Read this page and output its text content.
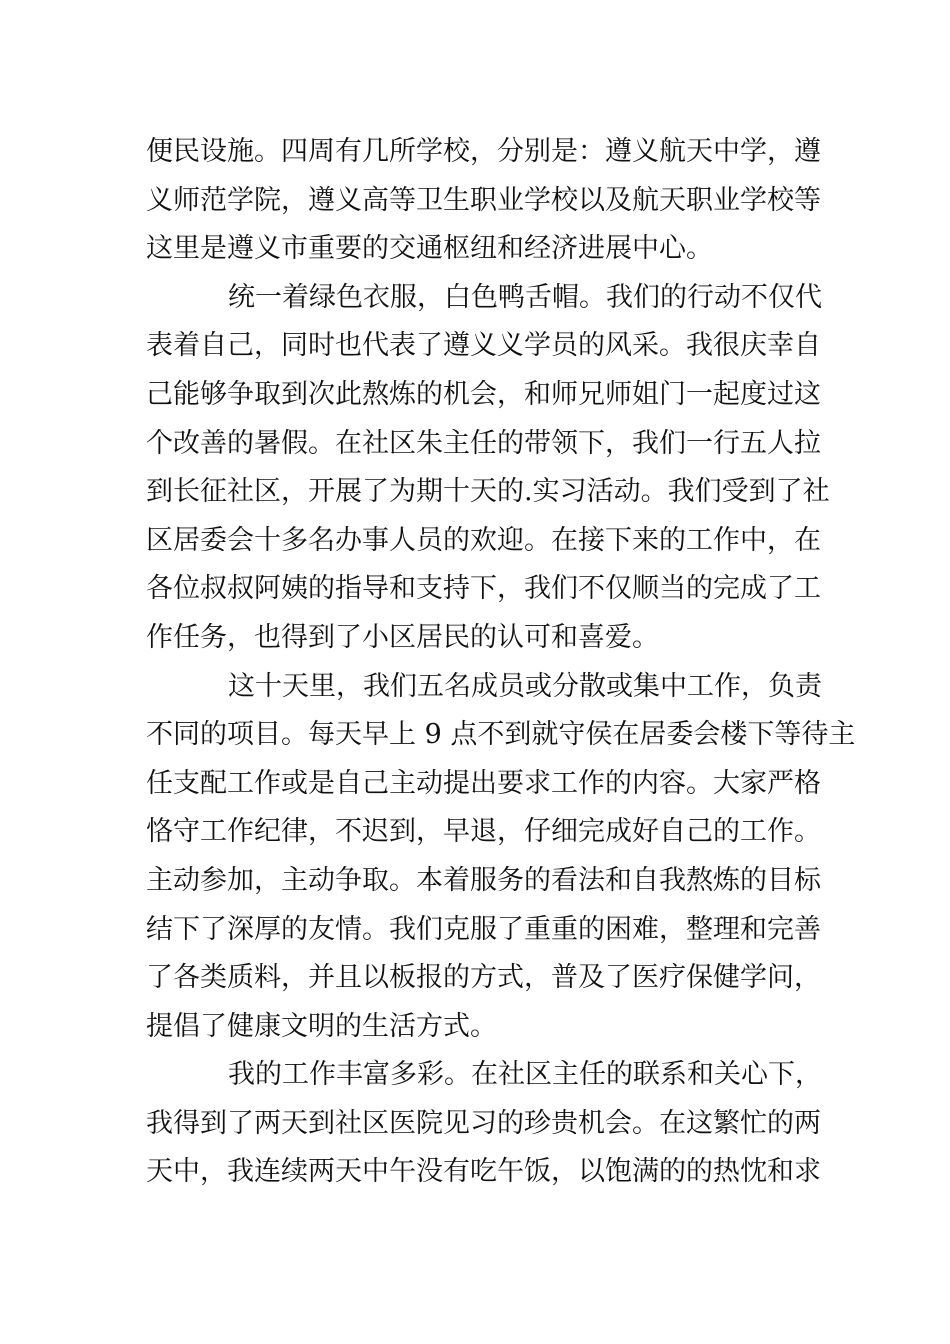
便民设施。四周有几所学校，分别是：遵义航天中学，遵
义师范学院，遵义高等卫生职业学校以及航天职业学校等
这里是遵义市重要的交通枢纽和经济进展中心。
统一着绿色衣服，白色鸭舌帽。我们的行动不仅代
表着自己，同时也代表了遵义义学员的风采。我很庆幸自
己能够争取到次此熬炼的机会，和师兄师姐门一起度过这
个改善的暑假。在社区朱主任的带领下，我们一行五人拉
到长征社区，开展了为期十天的.实习活动。我们受到了社
区居委会十多名办事人员的欢迎。在接下来的工作中，在
各位叔叔阿姨的指导和支持下，我们不仅顺当的完成了工
作任务，也得到了小区居民的认可和喜爱。
这十天里，我们五名成员或分散或集中工作，负责
不同的项目。每天早上 9 点不到就守侯在居委会楼下等待主
任支配工作或是自己主动提出要求工作的内容。大家严格
恪守工作纪律，不迟到，早退，仔细完成好自己的工作。
主动参加，主动争取。本着服务的看法和自我熬炼的目标
结下了深厚的友情。我们克服了重重的困难，整理和完善
了各类质料，并且以板报的方式，普及了医疗保健学问，
提倡了健康文明的生活方式。
我的工作丰富多彩。在社区主任的联系和关心下，
我得到了两天到社区医院见习的珍贵机会。在这繁忙的两
天中，我连续两天中午没有吃午饭，以饱满的的热忱和求
